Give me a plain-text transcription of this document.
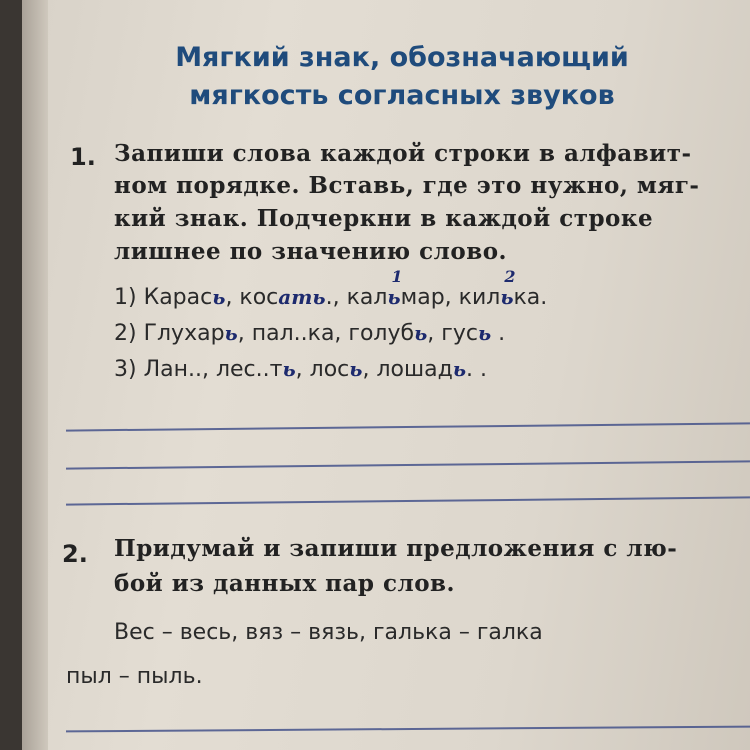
Мягкий знак, обозначающий
мягкость согласных звуков
1. Запиши слова каждой строки в алфавит-
ном порядке. Вставь, где это нужно, мяг-
кий знак. Подчеркни в каждой строке
лишнее по значению слово.
1) Карась, косать., кал
1
ьмар, кил
2
ька.
2) Глухарь, пал..ка, голубь, гусь .
3) Лан.., лес..ть, лось, лошадь. .
2. Придумай и запиши предложения с лю-
бой из данных пар слов.
Вес – весь, вяз – вязь, галька – галка
пыл – пыль.
